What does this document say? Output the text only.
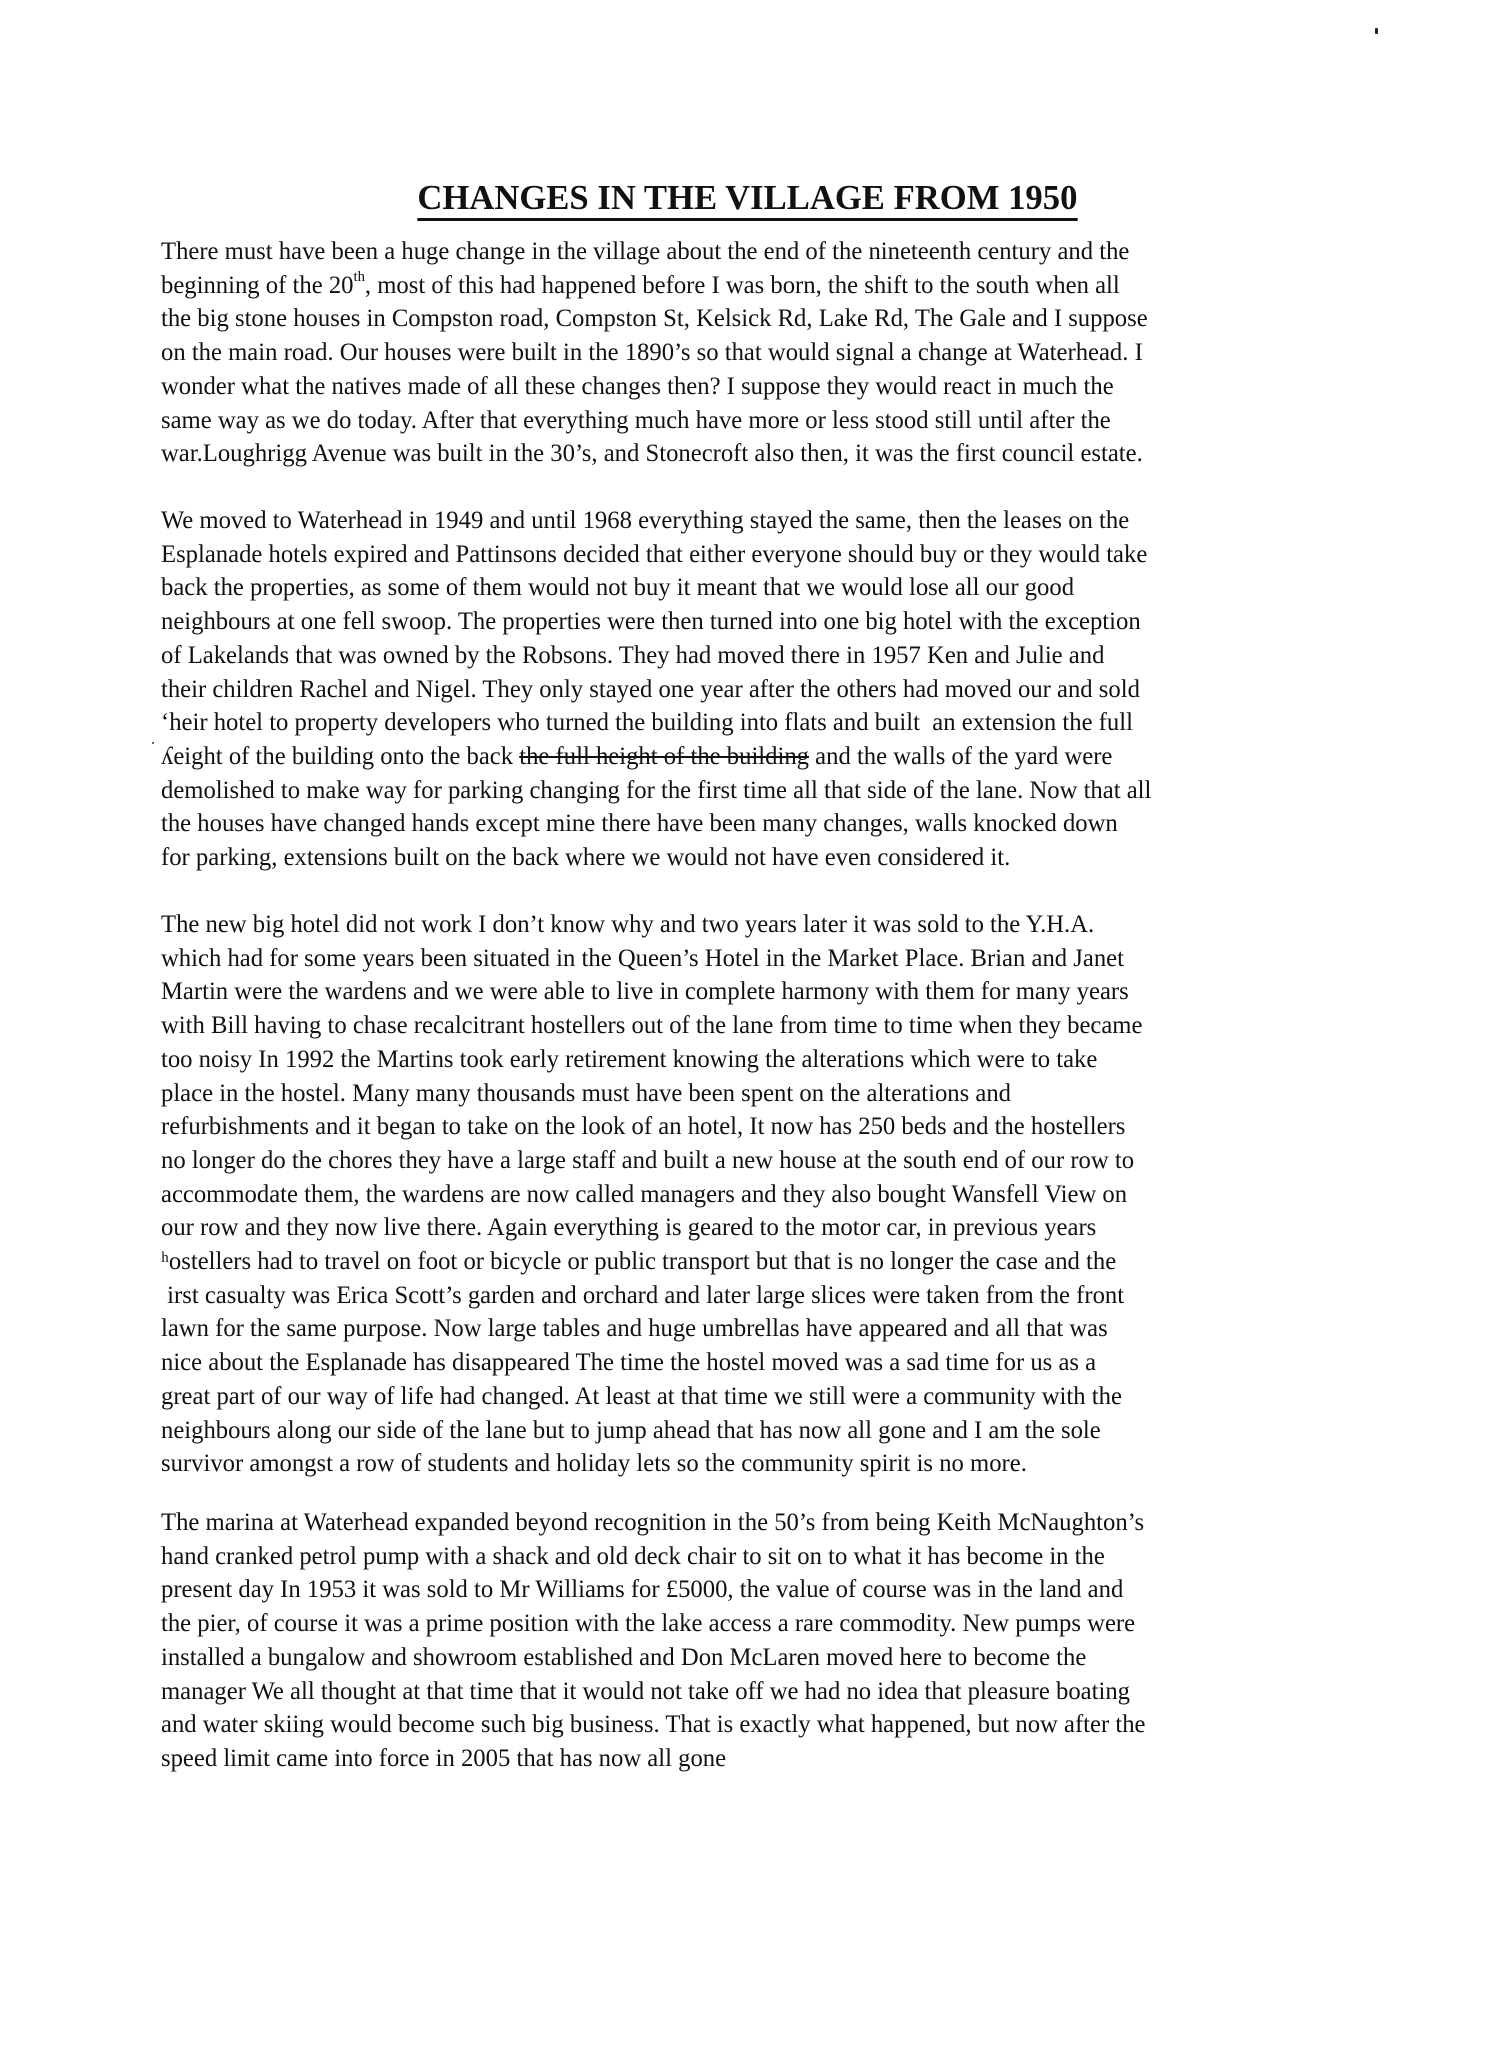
CHANGES IN THE VILLAGE FROM 1950
There must have been a huge change in the village about the end of the nineteenth century and the
beginning of the 20th, most of this had happened before I was born, the shift to the south when all
the big stone houses in Compston road, Compston St, Kelsick Rd, Lake Rd, The Gale and I suppose
on the main road. Our houses were built in the 1890’s so that would signal a change at Waterhead. I
wonder what the natives made of all these changes then? I suppose they would react in much the
same way as we do today. After that everything much have more or less stood still until after the
war.Loughrigg Avenue was built in the 30’s, and Stonecroft also then, it was the first council estate.
We moved to Waterhead in 1949 and until 1968 everything stayed the same, then the leases on the
Esplanade hotels expired and Pattinsons decided that either everyone should buy or they would take
back the properties, as some of them would not buy it meant that we would lose all our good
neighbours at one fell swoop. The properties were then turned into one big hotel with the exception
of Lakelands that was owned by the Robsons. They had moved there in 1957 Ken and Julie and
their children Rachel and Nigel. They only stayed one year after the others had moved our and sold
ʻheir hotel to property developers who turned the building into flats and built  an extension the full
ʎeight of the building onto the back the full height of the building and the walls of the yard were
demolished to make way for parking changing for the first time all that side of the lane. Now that all
the houses have changed hands except mine there have been many changes, walls knocked down
for parking, extensions built on the back where we would not have even considered it.
The new big hotel did not work I don’t know why and two years later it was sold to the Y.H.A.
which had for some years been situated in the Queen’s Hotel in the Market Place. Brian and Janet
Martin were the wardens and we were able to live in complete harmony with them for many years
with Bill having to chase recalcitrant hostellers out of the lane from time to time when they became
too noisy In 1992 the Martins took early retirement knowing the alterations which were to take
place in the hostel. Many many thousands must have been spent on the alterations and
refurbishments and it began to take on the look of an hotel, It now has 250 beds and the hostellers
no longer do the chores they have a large staff and built a new house at the south end of our row to
accommodate them, the wardens are now called managers and they also bought Wansfell View on
our row and they now live there. Again everything is geared to the motor car, in previous years
ʰostellers had to travel on foot or bicycle or public transport but that is no longer the case and the
irst casualty was Erica Scott’s garden and orchard and later large slices were taken from the front
lawn for the same purpose. Now large tables and huge umbrellas have appeared and all that was
nice about the Esplanade has disappeared The time the hostel moved was a sad time for us as a
great part of our way of life had changed. At least at that time we still were a community with the
neighbours along our side of the lane but to jump ahead that has now all gone and I am the sole
survivor amongst a row of students and holiday lets so the community spirit is no more.
The marina at Waterhead expanded beyond recognition in the 50’s from being Keith McNaughton’s
hand cranked petrol pump with a shack and old deck chair to sit on to what it has become in the
present day In 1953 it was sold to Mr Williams for £5000, the value of course was in the land and
the pier, of course it was a prime position with the lake access a rare commodity. New pumps were
installed a bungalow and showroom established and Don McLaren moved here to become the
manager We all thought at that time that it would not take off we had no idea that pleasure boating
and water skiing would become such big business. That is exactly what happened, but now after the
speed limit came into force in 2005 that has now all gone
